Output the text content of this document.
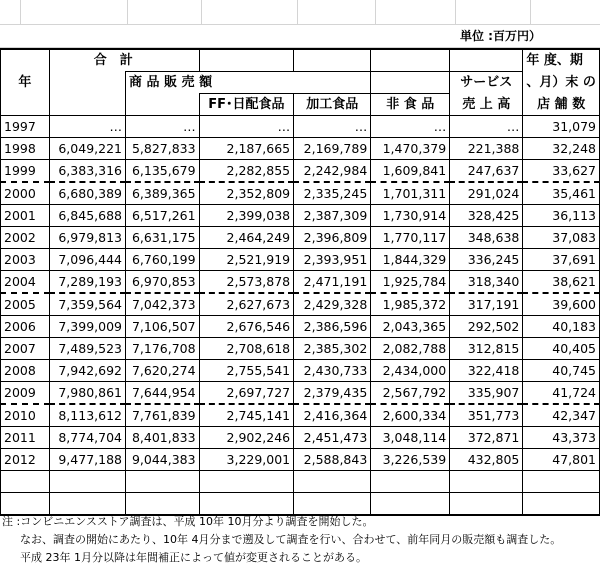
単位 :百万円）
	合　計						年 度、期
年		商 品 販 売 額				サービス	、月）末 の
			FF･日配食品	加工食品	非 食 品	売 上 高	店 舗 数
1997	…	…	…	…	…	…	31,079
1998	6,049,221	5,827,833	2,187,665	2,169,789	1,470,379	221,388	32,248
1999	6,383,316	6,135,679	2,282,855	2,242,984	1,609,841	247,637	33,627
2000	6,680,389	6,389,365	2,352,809	2,335,245	1,701,311	291,024	35,461
2001	6,845,688	6,517,261	2,399,038	2,387,309	1,730,914	328,425	36,113
2002	6,979,813	6,631,175	2,464,249	2,396,809	1,770,117	348,638	37,083
2003	7,096,444	6,760,199	2,521,919	2,393,951	1,844,329	336,245	37,691
2004	7,289,193	6,970,853	2,573,878	2,471,191	1,925,784	318,340	38,621
2005	7,359,564	7,042,373	2,627,673	2,429,328	1,985,372	317,191	39,600
2006	7,399,009	7,106,507	2,676,546	2,386,596	2,043,365	292,502	40,183
2007	7,489,523	7,176,708	2,708,618	2,385,302	2,082,788	312,815	40,405
2008	7,942,692	7,620,274	2,755,541	2,430,733	2,434,000	322,418	40,745
2009	7,980,861	7,644,954	2,697,727	2,379,435	2,567,792	335,907	41,724
2010	8,113,612	7,761,839	2,745,141	2,416,364	2,600,334	351,773	42,347
2011	8,774,704	8,401,833	2,902,246	2,451,473	3,048,114	372,871	43,373
2012	9,477,188	9,044,383	3,229,001	2,588,843	3,226,539	432,805	47,801

注 :コンビニエンスストア調査は、平成 10年 10月分より調査を開始した。
なお、調査の開始にあたり、10年 4月分まで遡及して調査を行い、合わせて、前年同月の販売額も調査した。
平成 23年 1月分以降は年間補正によって値が変更されることがある。
